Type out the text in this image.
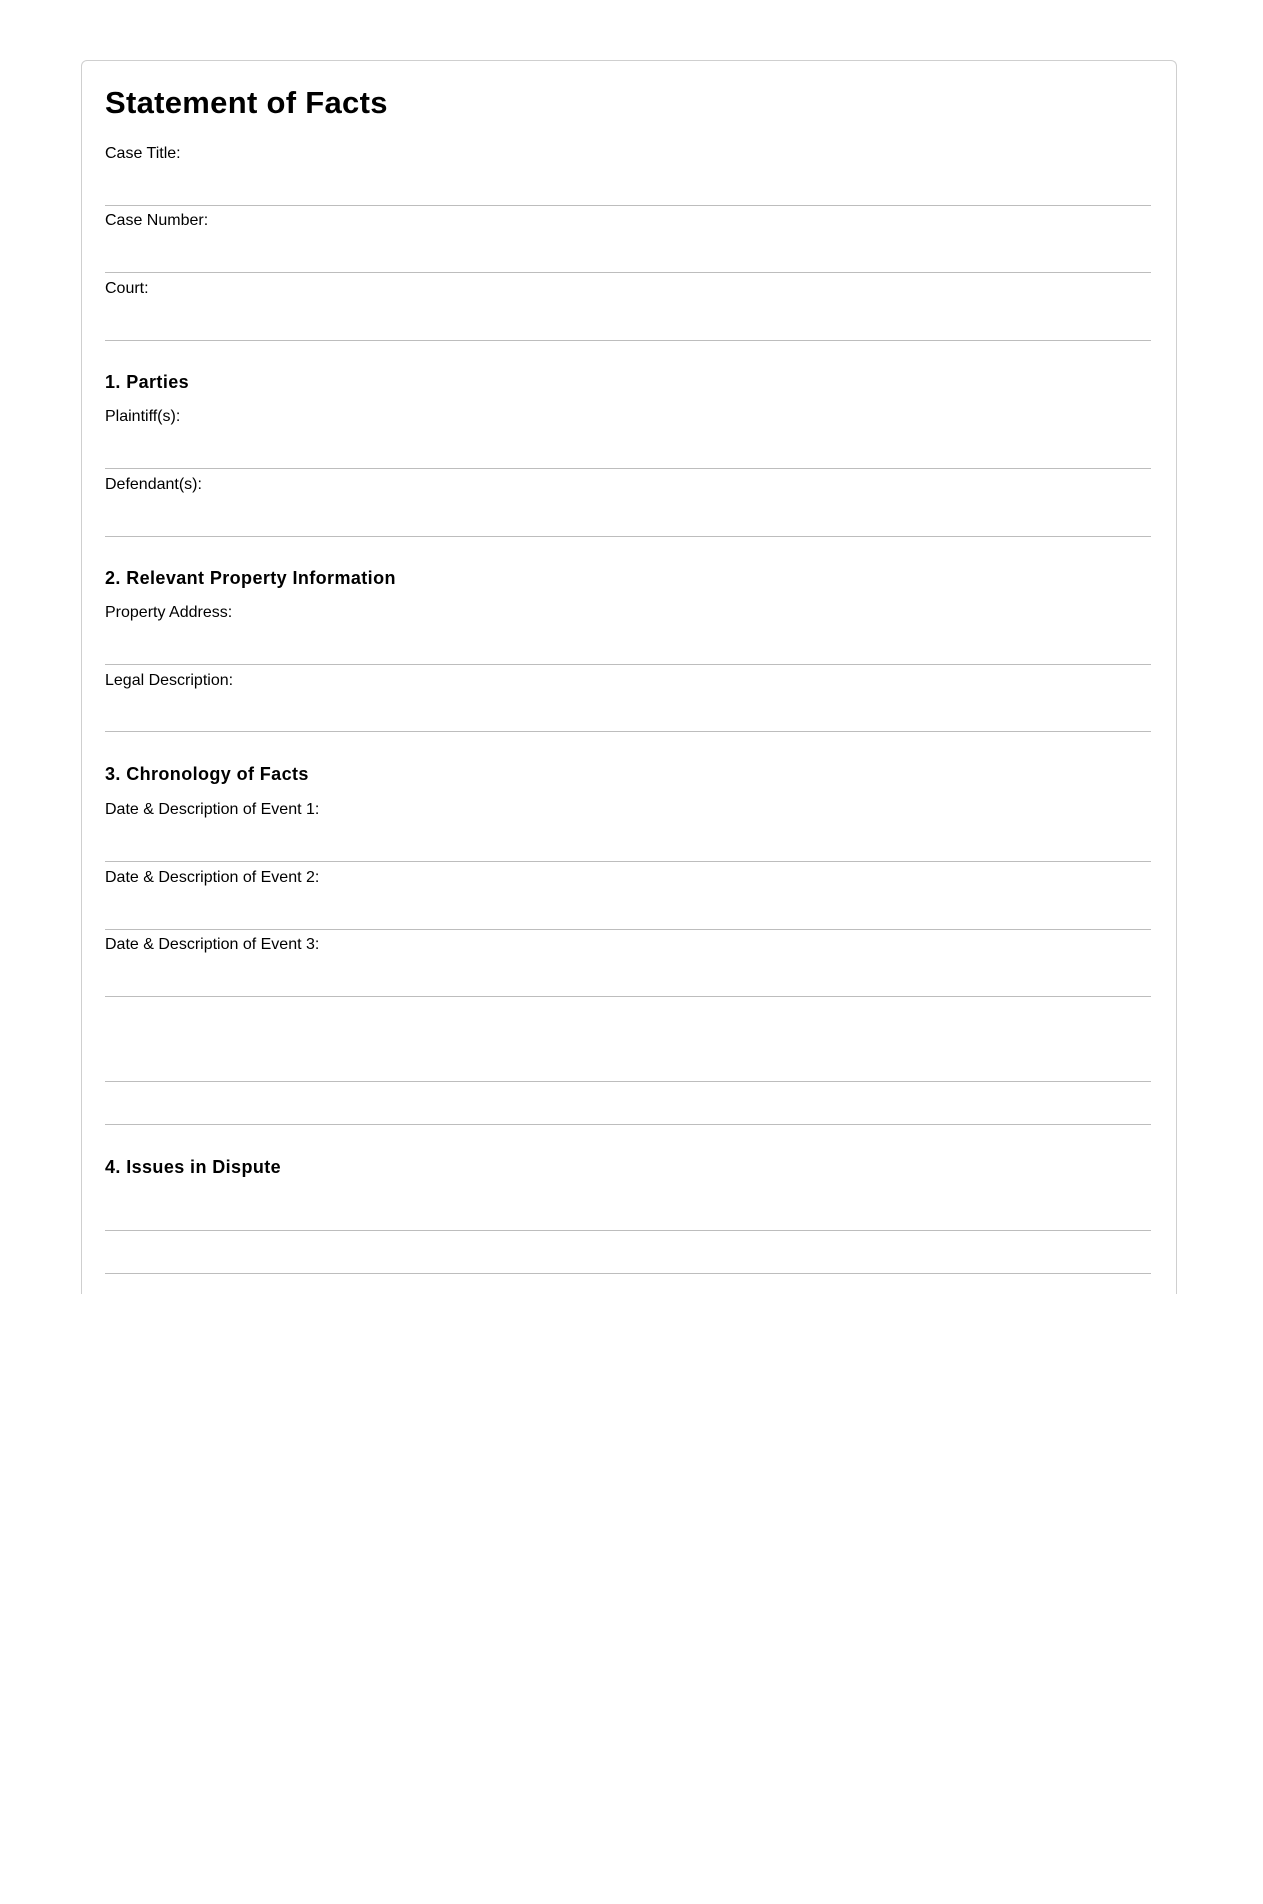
Statement of Facts
Case Title:
Case Number:
Court:
1. Parties
Plaintiff(s):
Defendant(s):
2. Relevant Property Information
Property Address:
Legal Description:
3. Chronology of Facts
Date & Description of Event 1:
Date & Description of Event 2:
Date & Description of Event 3:
4. Issues in Dispute
